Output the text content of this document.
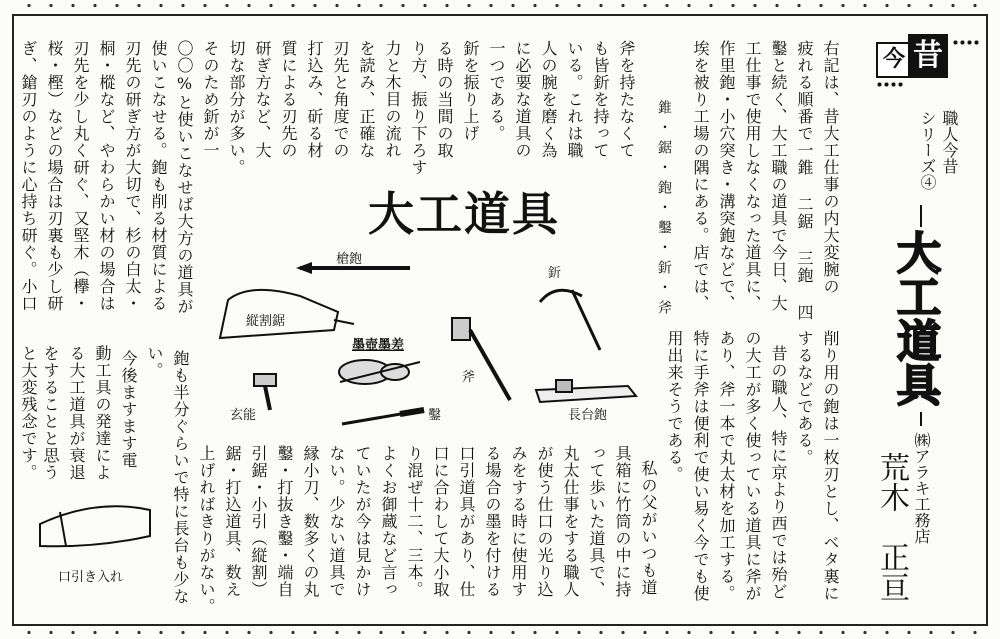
今 昔
職人今昔
シリーズ④
大工道具
㈱アラキ工務店
荒木　正亘
右記は、昔大工仕事の内大変腕の
疲れる順番で一錐 二鋸 三鉋 四
鑿と続く、大工職の道具で今日、大
工仕事で使用しなくなった道具に、
作里鉋・小穴突き・溝突鉋などで、
埃を被り工場の隅にある。店では、
斧を持たなくて
も皆釿を持って
いる。これは職
人の腕を磨く為
に必要な道具の
一つである。
釿を振り上げ
る時の当間の取
り方、振り下ろす
力と木目の流れ
を読み、正確な
刃先と角度での
打込み、斫る材
質による刃先の
研ぎ方など、大
切な部分が多い。
そのため釿が一
〇〇%と使いこなせば大方の道具が
使いこなせる。鉋も削る材質による
刃先の研ぎ方が大切で、杉の白太・
桐・樅など、やわらかい材の場合は
刃先を少し丸く研ぐ、又堅木（欅・
桜・樫）などの場合は刃裏も少し研
ぎ、鎗刃のように心持ち研ぐ。小口	錐・鋸・鉋・鑿・釿・斧
削り用の鉋は一枚刃とし、ベタ裏に
するなどである。
昔の職人、特に京より西では殆ど
の大工が多く使っている道具に斧が
あり、斧一本で丸太材を加工する。
特に手斧は便利で使い易く今でも使
用出来そうである。
私の父がいつも道
具箱に竹筒の中に持
って歩いた道具で、
丸太仕事をする職人
が使う仕口の光り込
みをする時に使用す
る場合の墨を付ける
口引道具があり、仕
口に合わして大小取
り混ぜ十二、三本。
よくお御蔵など言っ
ていたが今は見かけ
ない。少ない道具で
縁小刀、数多くの丸
鑿・打抜き鑿・端自
引鋸・小引（縦割）
鋸・打込道具、数え
上げればきりがない。
鉋も半分ぐらいで特に長台も少な
い。
今後ますます電
動工具の発達によ
る大工道具が衰退
をすることと思う
と大変残念です。
大工道具
槍鉋
釿
縦割鋸
墨壺墨差
斧
玄能	鑿	長台鉋
口引き入れ
